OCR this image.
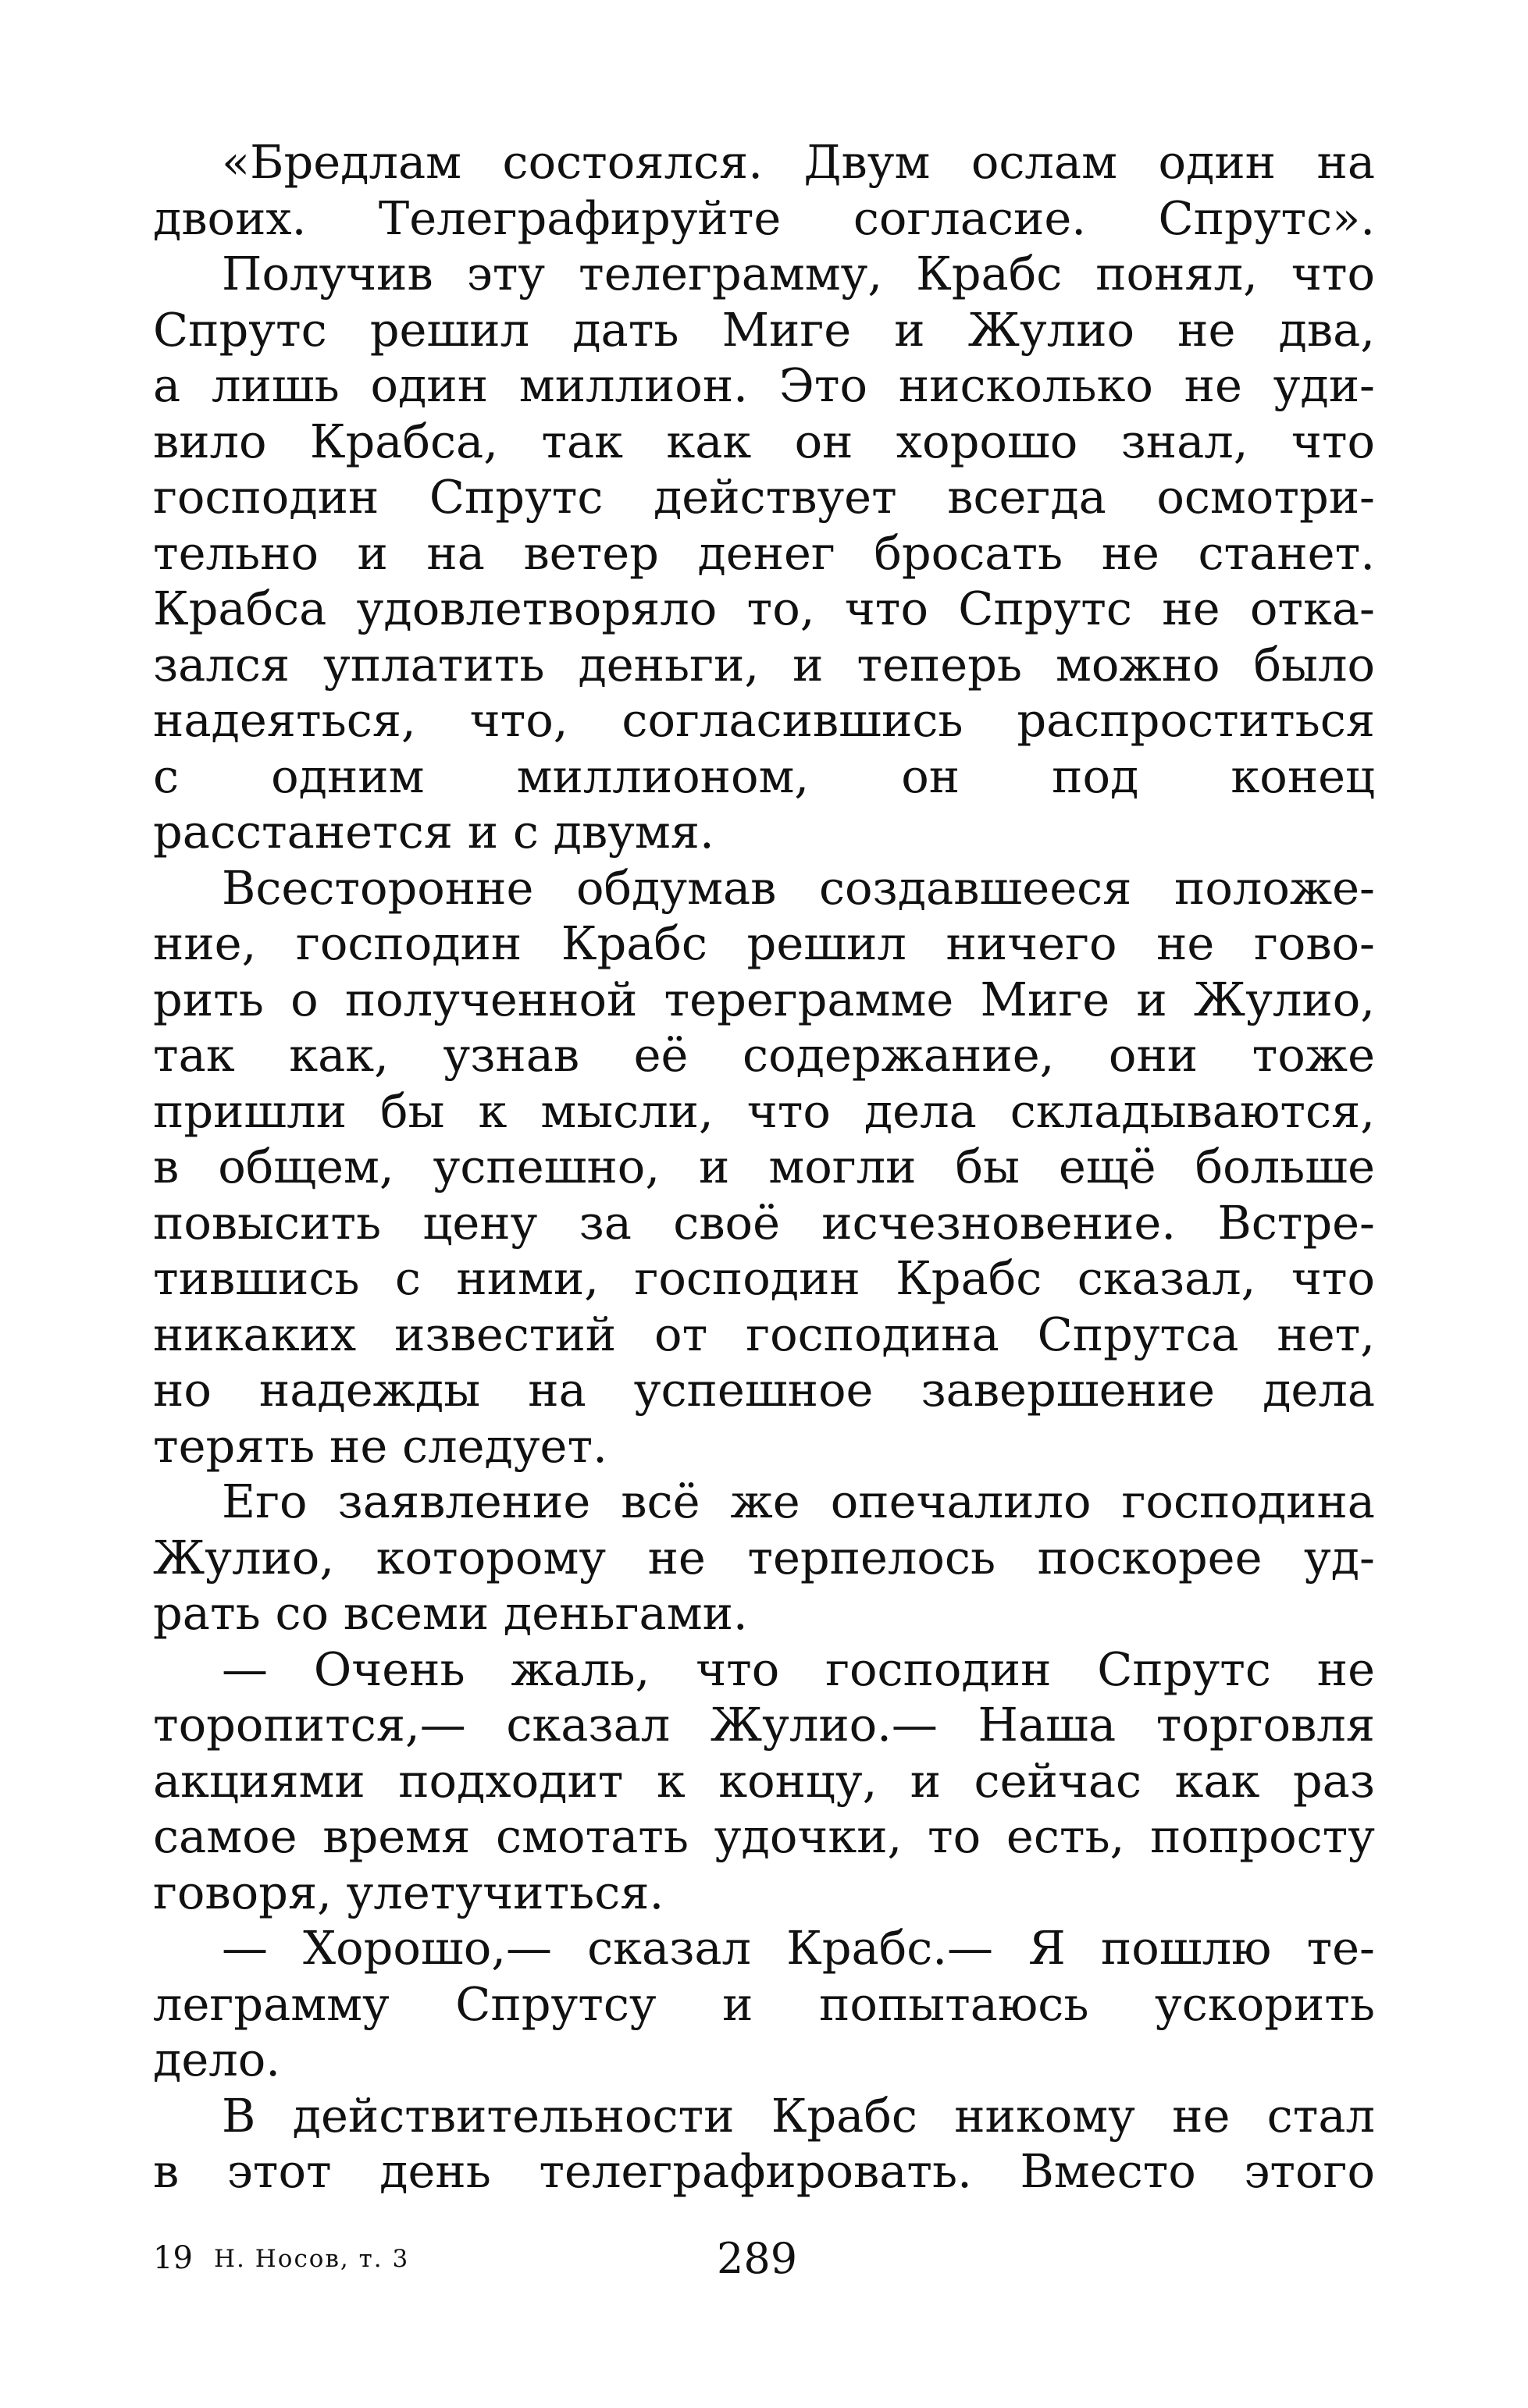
«Бредлам состоялся. Двум ослам один на
двоих. Телеграфируйте согласие. Спрутс».
Получив эту телеграмму, Крабс понял, что
Спрутс решил дать Миге и Жулио не два,
а лишь один миллион. Это нисколько не уди-
вило Крабса, так как он хорошо знал, что
господин Спрутс действует всегда осмотри-
тельно и на ветер денег бросать не станет.
Крабса удовлетворяло то, что Спрутс не отка-
зался уплатить деньги, и теперь можно было
надеяться, что, согласившись распроститься
с одним миллионом, он под конец
расстанется и с двумя.
Всесторонне обдумав создавшееся положе-
ние, господин Крабс решил ничего не гово-
рить о полученной тереграмме Миге и Жулио,
так как, узнав её содержание, они тоже
пришли бы к мысли, что дела складываются,
в общем, успешно, и могли бы ещё больше
повысить цену за своё исчезновение. Встре-
тившись с ними, господин Крабс сказал, что
никаких известий от господина Спрутса нет,
но надежды на успешное завершение дела
терять не следует.
Его заявление всё же опечалило господина
Жулио, которому не терпелось поскорее уд-
рать со всеми деньгами.
— Очень жаль, что господин Спрутс не
торопится,— сказал Жулио.— Наша торговля
акциями подходит к концу, и сейчас как раз
самое время смотать удочки, то есть, попросту
говоря, улетучиться.
— Хорошо,— сказал Крабс.— Я пошлю те-
леграмму Спрутсу и попытаюсь ускорить
дело.
В действительности Крабс никому не стал
в этот день телеграфировать. Вместо этого
19 Н. Носов, т. 3	289
